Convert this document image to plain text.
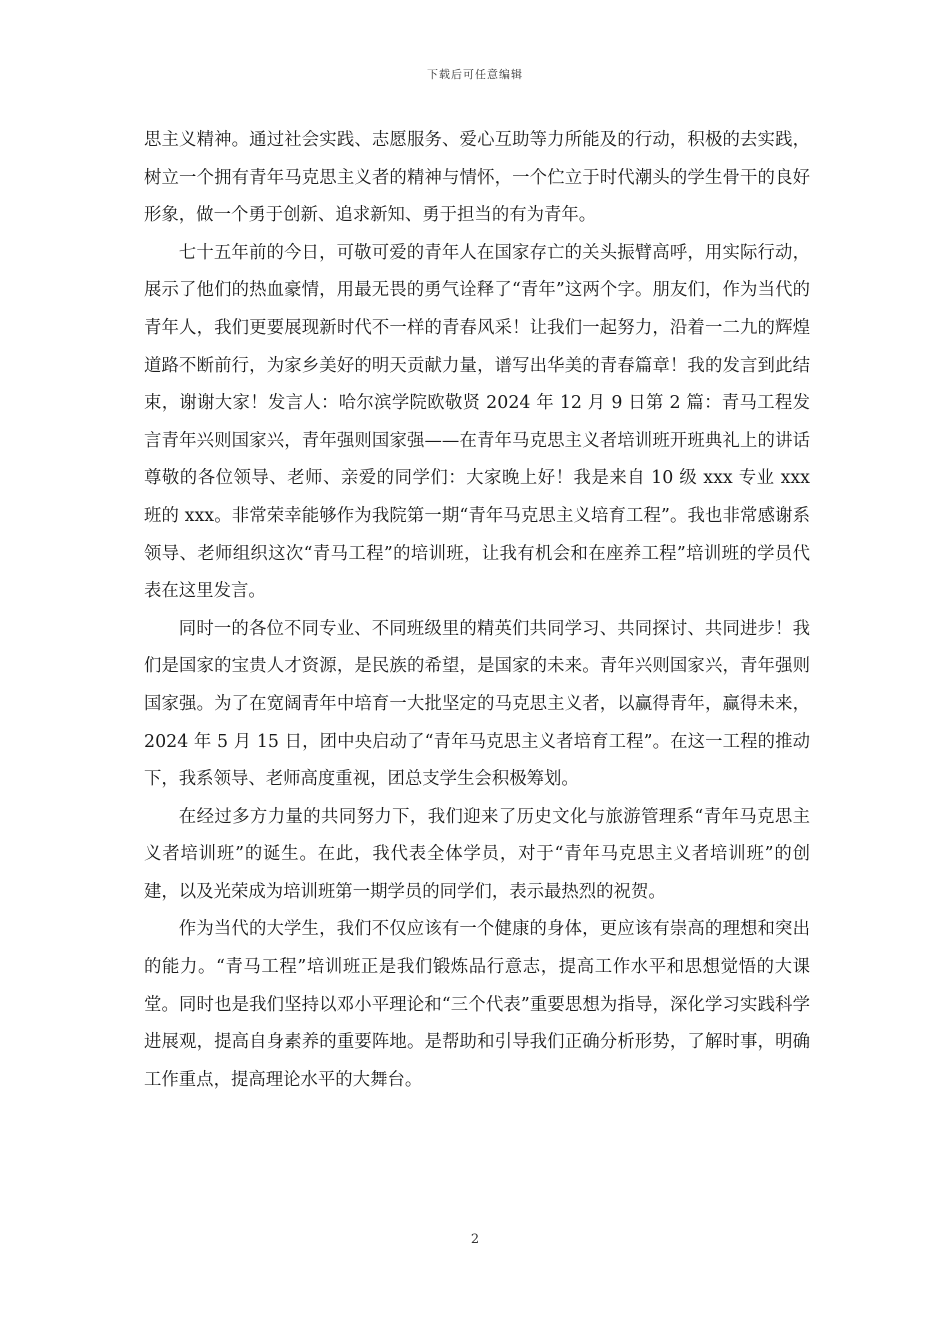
下载后可任意编辑

思主义精神。通过社会实践、志愿服务、爱心互助等力所能及的行动，积极的去实践，树立一个拥有青年马克思主义者的精神与情怀，一个伫立于时代潮头的学生骨干的良好形象，做一个勇于创新、追求新知、勇于担当的有为青年。

七十五年前的今日，可敬可爱的青年人在国家存亡的关头振臂高呼，用实际行动，展示了他们的热血豪情，用最无畏的勇气诠释了“青年”这两个字。朋友们，作为当代的青年人，我们更要展现新时代不一样的青春风采！让我们一起努力，沿着一二九的辉煌道路不断前行，为家乡美好的明天贡献力量，谱写出华美的青春篇章！我的发言到此结束，谢谢大家！发言人：哈尔滨学院欧敬贤 2024 年 12 月 9 日第 2 篇：青马工程发言青年兴则国家兴，青年强则国家强——在青年马克思主义者培训班开班典礼上的讲话尊敬的各位领导、老师、亲爱的同学们：大家晚上好！我是来自 10 级 xxx 专业 xxx 班的 xxx。非常荣幸能够作为我院第一期“青年马克思主义培育工程”。我也非常感谢系领导、老师组织这次“青马工程”的培训班，让我有机会和在座养工程”培训班的学员代表在这里发言。

同时一的各位不同专业、不同班级里的精英们共同学习、共同探讨、共同进步！我们是国家的宝贵人才资源，是民族的希望，是国家的未来。青年兴则国家兴，青年强则国家强。为了在宽阔青年中培育一大批坚定的马克思主义者，以赢得青年，赢得未来，2024 年 5 月 15 日，团中央启动了“青年马克思主义者培育工程”。在这一工程的推动下，我系领导、老师高度重视，团总支学生会积极筹划。

在经过多方力量的共同努力下，我们迎来了历史文化与旅游管理系“青年马克思主义者培训班”的诞生。在此，我代表全体学员，对于“青年马克思主义者培训班”的创建，以及光荣成为培训班第一期学员的同学们，表示最热烈的祝贺。

作为当代的大学生，我们不仅应该有一个健康的身体，更应该有崇高的理想和突出的能力。“青马工程”培训班正是我们锻炼品行意志，提高工作水平和思想觉悟的大课堂。同时也是我们坚持以邓小平理论和“三个代表”重要思想为指导，深化学习实践科学进展观，提高自身素养的重要阵地。是帮助和引导我们正确分析形势，了解时事，明确工作重点，提高理论水平的大舞台。

2
